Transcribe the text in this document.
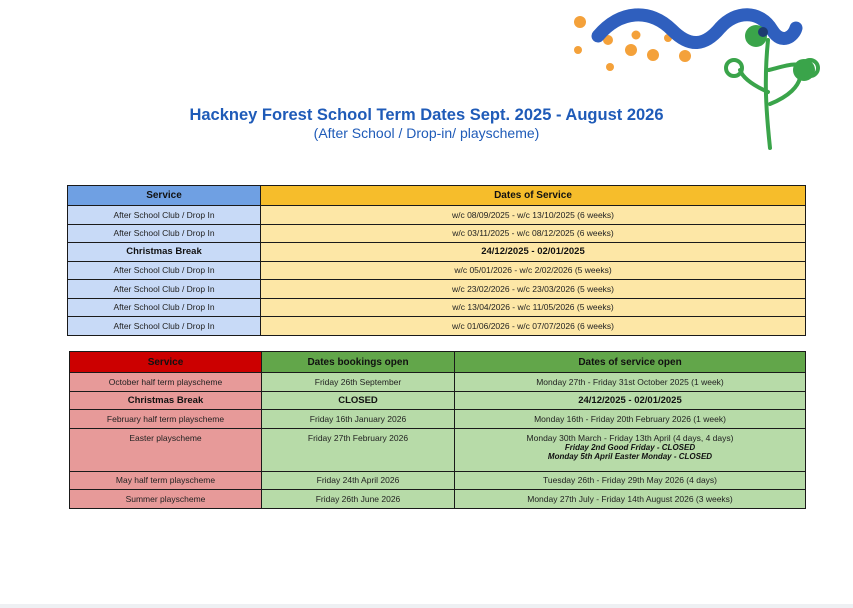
Hackney Forest School Term Dates Sept. 2025 - August 2026
(After School / Drop-in/ playscheme)
Service	Dates of Service
After School Club / Drop In	w/c 08/09/2025 - w/c 13/10/2025 (6 weeks)
After School Club / Drop In	w/c 03/11/2025 - w/c 08/12/2025 (6 weeks)
Christmas Break	24/12/2025 - 02/01/2025
After School Club / Drop In	w/c 05/01/2026 - w/c 2/02/2026 (5 weeks)
After School Club / Drop In	w/c 23/02/2026 - w/c 23/03/2026 (5 weeks)
After School Club / Drop In	w/c 13/04/2026 - w/c 11/05/2026 (5 weeks)
After School Club / Drop In	w/c 01/06/2026 - w/c 07/07/2026 (6 weeks)
Service	Dates bookings open	Dates of service open
October half term playscheme	Friday 26th September	Monday 27th - Friday 31st October 2025 (1 week)
Christmas Break	CLOSED	24/12/2025 - 02/01/2025
February half term playscheme	Friday 16th January 2026	Monday 16th - Friday 20th February 2026 (1 week)
Easter playscheme	Friday 27th February 2026	Monday 30th March - Friday 13th April (4 days, 4 days)
Friday 2nd Good Friday - CLOSED
Monday 5th April Easter Monday - CLOSED

May half term playscheme	Friday 24th April 2026	Tuesday 26th - Friday 29th May 2026 (4 days)
Summer playscheme	Friday 26th June 2026	Monday 27th July - Friday 14th August 2026 (3 weeks)
